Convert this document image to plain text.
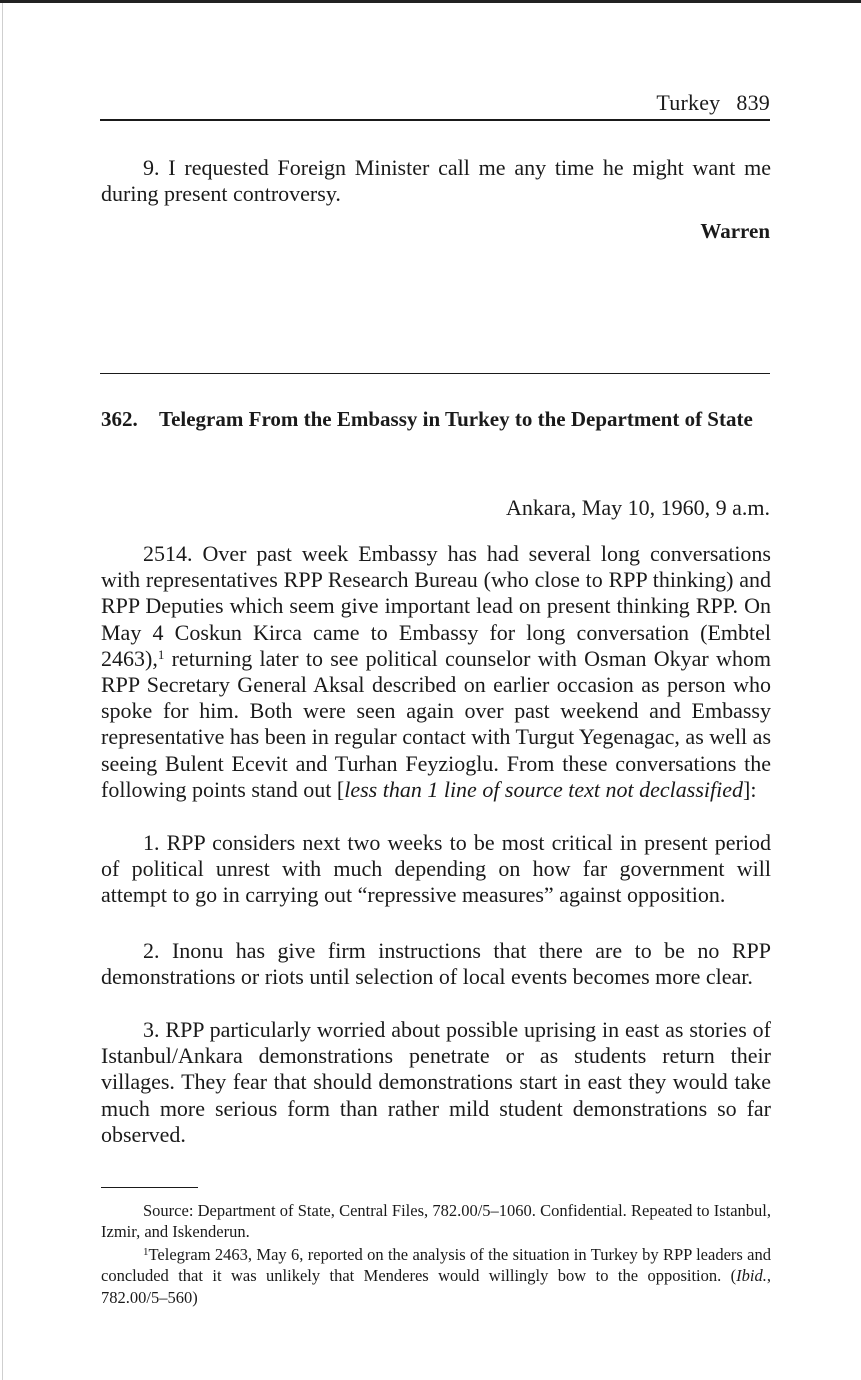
Turkey 839

9. I requested Foreign Minister call me any time he might want me during present controversy.

Warren
362. Telegram From the Embassy in Turkey to the Department of State
Ankara, May 10, 1960, 9 a.m.

2514. Over past week Embassy has had several long conversations with representatives RPP Research Bureau (who close to RPP thinking) and RPP Deputies which seem give important lead on present thinking RPP. On May 4 Coskun Kirca came to Embassy for long conversation (Embtel 2463),$^1$ returning later to see political counselor with Osman Okyar whom RPP Secretary General Aksal described on earlier occasion as person who spoke for him. Both were seen again over past weekend and Embassy representative has been in regular contact with Turgut Yegenagac, as well as seeing Bulent Ecevit and Turhan Feyzioglu. From these conversations the following points stand out [less than 1 line of source text not declassified]:

1. RPP considers next two weeks to be most critical in present period of political unrest with much depending on how far government will attempt to go in carrying out “repressive measures” against opposition.

2. Inonu has give firm instructions that there are to be no RPP demonstrations or riots until selection of local events becomes more clear.

3. RPP particularly worried about possible uprising in east as stories of Istanbul/Ankara demonstrations penetrate or as students return their villages. They fear that should demonstrations start in east they would take much more serious form than rather mild student demonstrations so far observed.

Source: Department of State, Central Files, 782.00/5–1060. Confidential. Repeated to Istanbul, Izmir, and Iskenderun.

$^1$Telegram 2463, May 6, reported on the analysis of the situation in Turkey by RPP leaders and concluded that it was unlikely that Menderes would willingly bow to the opposition. (Ibid., 782.00/5–560)
